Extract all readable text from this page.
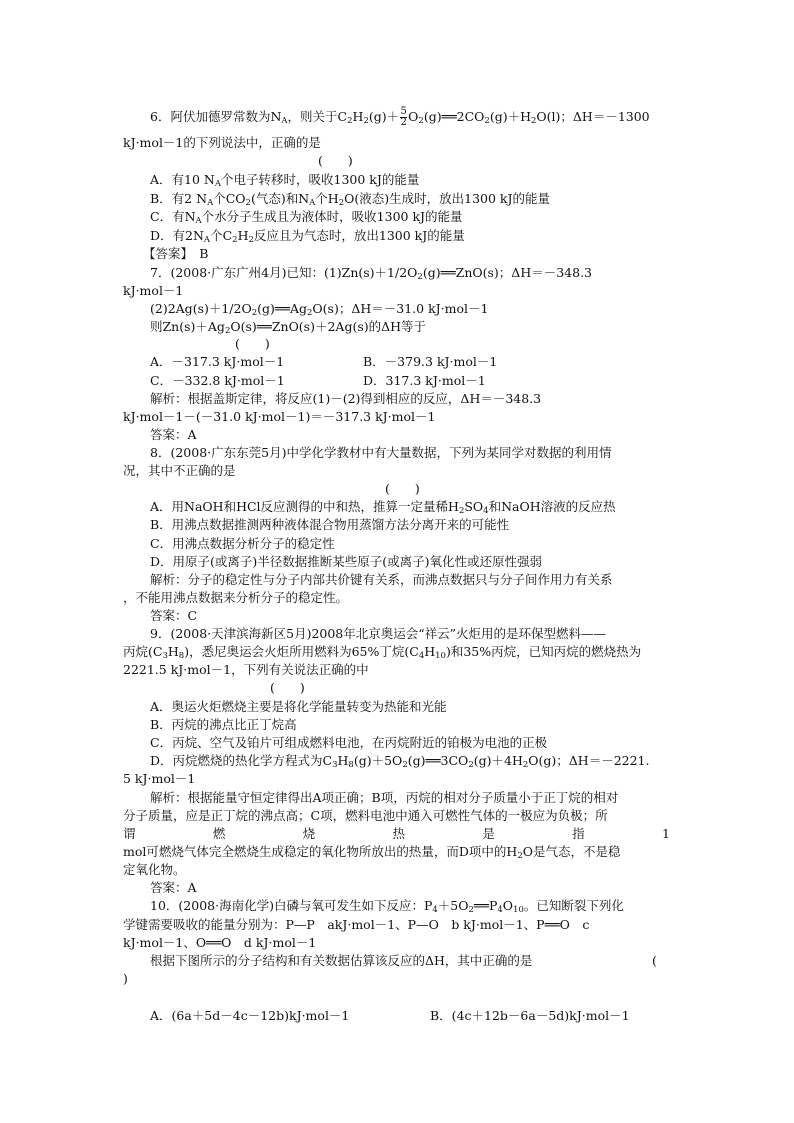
6．阿伏加德罗常数为$N_A$，则关于$C_2H_2(g)+ \frac{5}{2}$ $O_2(g)══2CO_2(g)+H_2O(l)$；ΔH＝－1300
kJ·mol－1的下列说法中，正确的是
(　　)
A．有10 $N_A$个电子转移时，吸收1300 kJ的能量
B．有2 $N_A$个$CO_2$(气态)和$N_A$个$H_2O$(液态)生成时，放出1300 kJ的能量
C．有$N_A$个水分子生成且为液体时，吸收1300 kJ的能量
D．有$2N_A$个$C_2H_2$反应且为气态时，放出1300 kJ的能量
【答案】　B
7．(2008·广东广州4月)已知：$(1)Zn(s)+1/2O_2(g)══ZnO(s)$；ΔH＝－348.3
kJ·mol－1
$(2)2Ag(s)+1/2O_2(g)══Ag_2O(s)$；ΔH＝－31.0 kJ·mol－1
则$Zn(s)+Ag_2O(s)══ZnO(s)+2Ag(s)$的ΔH等于
(　　)
A．－317.3 kJ·mol－1	B．－379.3 kJ·mol－1
C．－332.8 kJ·mol－1	D．317.3 kJ·mol－1
解析：根据盖斯定律，将反应(1)－(2)得到相应的反应，ΔH＝－348.3
kJ·mol－1－(－31.0 kJ·mol－1)＝－317.3 kJ·mol－1
答案：A
8．(2008·广东东莞5月)中学化学教材中有大量数据，下列为某同学对数据的利用情
况，其中不正确的是
(　　)
A．用NaOH和HCl反应测得的中和热，推算一定量稀$H_2SO_4$和NaOH溶液的反应热
B．用沸点数据推测两种液体混合物用蒸馏方法分离开来的可能性
C．用沸点数据分析分子的稳定性
D．用原子(或离子)半径数据推断某些原子(或离子)氧化性或还原性强弱
解析：分子的稳定性与分子内部共价键有关系，而沸点数据只与分子间作用力有关系
，不能用沸点数据来分析分子的稳定性。
答案：C
9．(2008·天津滨海新区5月)2008年北京奥运会“祥云”火炬用的是环保型燃料——
丙烷$(C_3H_8)$，悉尼奥运会火炬所用燃料为65%丁烷$(C_4H_{10})$和35%丙烷，已知丙烷的燃烧热为
2221.5 kJ·mol－1，下列有关说法正确的中
(　　)
A．奥运火炬燃烧主要是将化学能量转变为热能和光能
B．丙烷的沸点比正丁烷高
C．丙烷、空气及铂片可组成燃料电池，在丙烷附近的铂极为电池的正极
D．丙烷燃烧的热化学方程式为$C_3H_8(g)+5O_2(g)══3CO_2(g)+4H_2O(g)$；ΔH＝－2221.
5 kJ·mol－1
解析：根据能量守恒定律得出A项正确；B项，丙烷的相对分子质量小于正丁烷的相对
分子质量，应是正丁烷的沸点高；C项，燃料电池中通入可燃性气体的一极应为负极；所
谓	燃	烧	热	是	指	1
mol可燃烧气体完全燃烧生成稳定的氧化物所放出的热量，而D项中的$H_2O$是气态，不是稳
定氧化物。
答案：A
10．(2008·海南化学)白磷与氧可发生如下反应：$P_4+5O_2══P_4O_{10}$。已知断裂下列化
学键需要吸收的能量分别为：P—P　akJ·mol－1、P—O　b kJ·mol－1、P══O　c
kJ·mol－1、O══O　d kJ·mol－1
根据下图所示的分子结构和有关数据估算该反应的ΔH，其中正确的是	(
)
A．(6a＋5d－4c－12b)kJ·mol－1	B．(4c＋12b－6a－5d)kJ·mol－1
